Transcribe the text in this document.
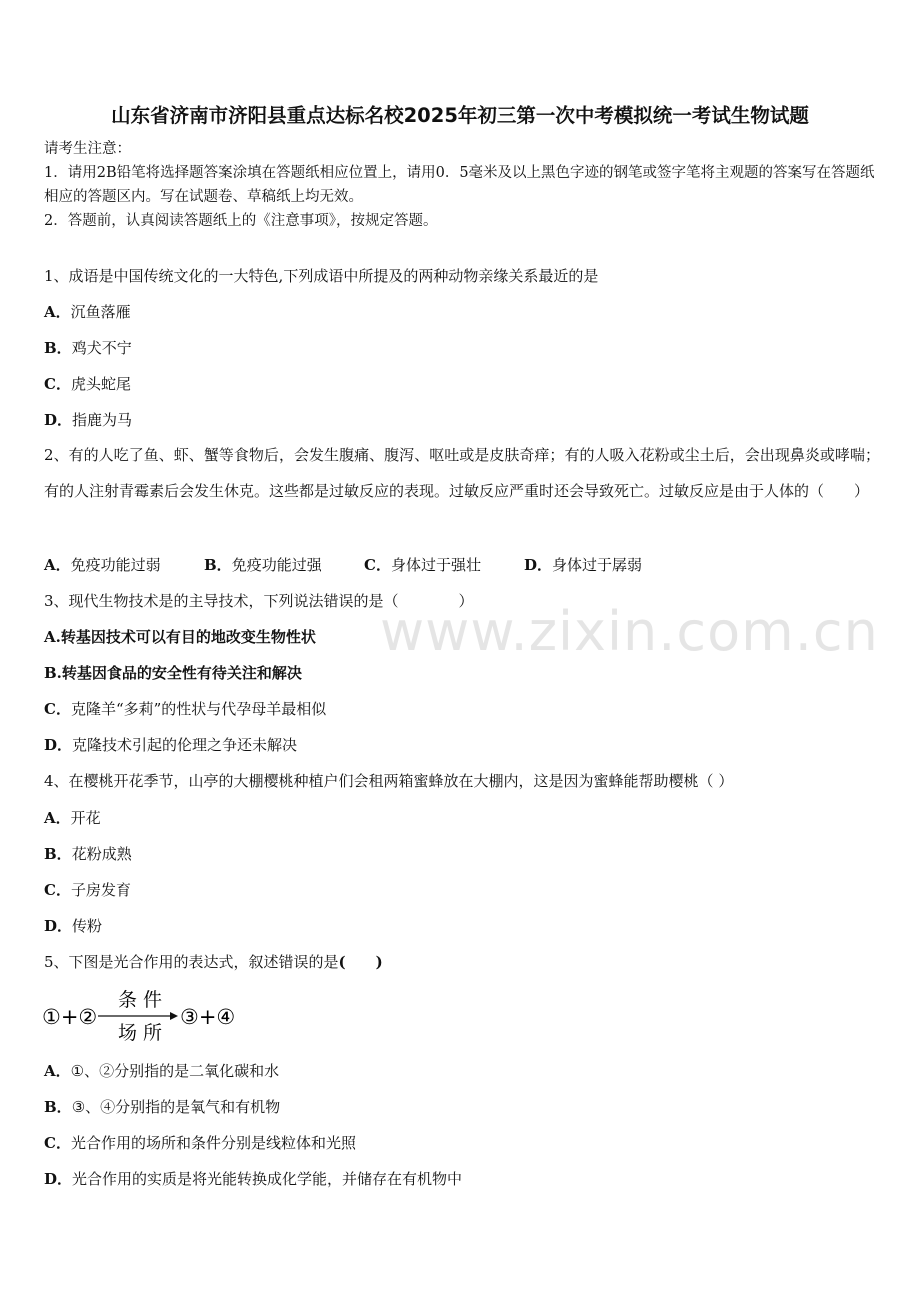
山东省济南市济阳县重点达标名校2025年初三第一次中考模拟统一考试生物试题
请考生注意：
1．请用2B铅笔将选择题答案涂填在答题纸相应位置上，请用0．5毫米及以上黑色字迹的钢笔或签字笔将主观题的答案写在答题纸相应的答题区内。写在试题卷、草稿纸上均无效。
2．答题前，认真阅读答题纸上的《注意事项》，按规定答题。
www.zixin.com.cn
1、成语是中国传统文化的一大特色,下列成语中所提及的两种动物亲缘关系最近的是
A．沉鱼落雁
B．鸡犬不宁
C．虎头蛇尾
D．指鹿为马
2、有的人吃了鱼、虾、蟹等食物后，会发生腹痛、腹泻、呕吐或是皮肤奇痒；有的人吸入花粉或尘土后，会出现鼻炎或哮喘；有的人注射青霉素后会发生休克。这些都是过敏反应的表现。过敏反应严重时还会导致死亡。过敏反应是由于人体的（　　）
A．免疫功能过弱	B．免疫功能过强	C．身体过于强壮	D．身体过于孱弱
3、现代生物技术是的主导技术，下列说法错误的是（　　　　）
A.转基因技术可以有目的地改变生物性状
B.转基因食品的安全性有待关注和解决
C．克隆羊“多莉”的性状与代孕母羊最相似
D．克隆技术引起的伦理之争还未解决
4、在樱桃开花季节，山亭的大棚樱桃种植户们会租两箱蜜蜂放在大棚内，这是因为蜜蜂能帮助樱桃（ ）
A．开花
B．花粉成熟
C．子房发育
D．传粉
5、下图是光合作用的表达式，叙述错误的是(　　)
①+②
条 件
场 所
③+④
A．①、②分别指的是二氧化碳和水
B．③、④分别指的是氧气和有机物
C．光合作用的场所和条件分别是线粒体和光照
D．光合作用的实质是将光能转换成化学能，并储存在有机物中
